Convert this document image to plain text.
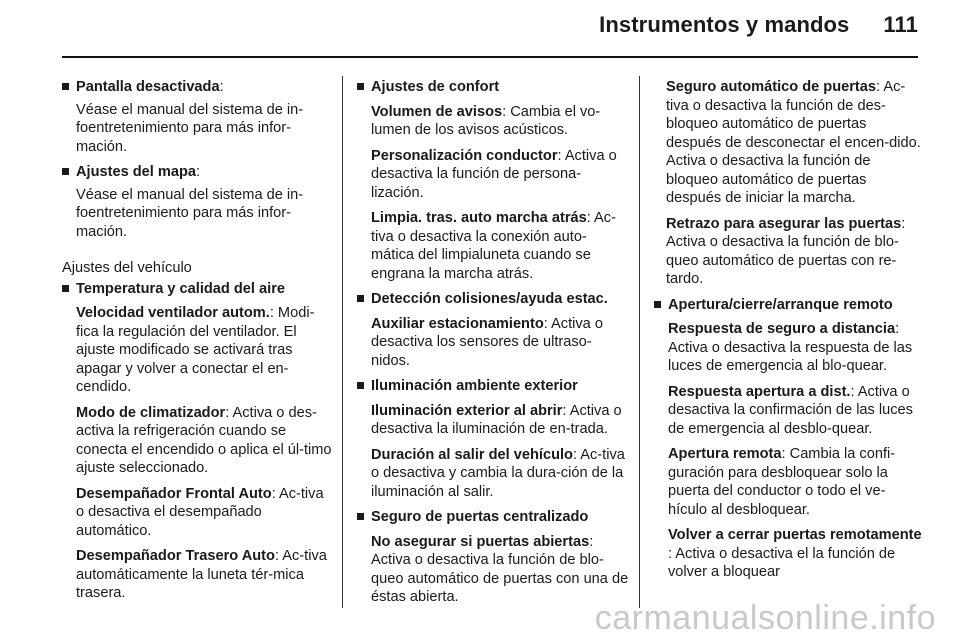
Instrumentos y mandos 111
Pantalla desactivada:
Véase el manual del sistema de in-foentretenimiento para más infor-mación.
Ajustes del mapa:
Véase el manual del sistema de in-foentretenimiento para más infor-mación.
Ajustes del vehículo
Temperatura y calidad del aire
Velocidad ventilador autom.: Modi-fica la regulación del ventilador. El ajuste modificado se activará tras apagar y volver a conectar el en-cendido.
Modo de climatizador: Activa o des-activa la refrigeración cuando se conecta el encendido o aplica el úl-timo ajuste seleccionado.
Desempañador Frontal Auto: Ac-tiva o desactiva el desempañado automático.
Desempañador Trasero Auto: Ac-tiva automáticamente la luneta tér-mica trasera.
Ajustes de confort
Volumen de avisos: Cambia el vo-lumen de los avisos acústicos.
Personalización conductor: Activa o desactiva la función de persona-lización.
Limpia. tras. auto marcha atrás: Ac-tiva o desactiva la conexión auto-mática del limpialuneta cuando se engrana la marcha atrás.
Detección colisiones/ayuda estac.
Auxiliar estacionamiento: Activa o desactiva los sensores de ultraso-nidos.
Iluminación ambiente exterior
Iluminación exterior al abrir: Activa o desactiva la iluminación de en-trada.
Duración al salir del vehículo: Ac-tiva o desactiva y cambia la dura-ción de la iluminación al salir.
Seguro de puertas centralizado
No asegurar si puertas abiertas: Activa o desactiva la función de blo-queo automático de puertas con una de éstas abierta.
Seguro automático de puertas: Ac-tiva o desactiva la función de des-bloqueo automático de puertas después de desconectar el encen-dido. Activa o desactiva la función de bloqueo automático de puertas después de iniciar la marcha.
Retrazo para asegurar las puertas: Activa o desactiva la función de blo-queo automático de puertas con re-tardo.
Apertura/cierre/arranque remoto
Respuesta de seguro a distancia: Activa o desactiva la respuesta de las luces de emergencia al blo-quear.
Respuesta apertura a dist.: Activa o desactiva la confirmación de las luces de emergencia al desblo-quear.
Apertura remota: Cambia la confi-guración para desbloquear solo la puerta del conductor o todo el ve-hículo al desbloquear.
Volver a cerrar puertas remotamente : Activa o desactiva el la función de volver a bloquear
carmanualsonline.info
